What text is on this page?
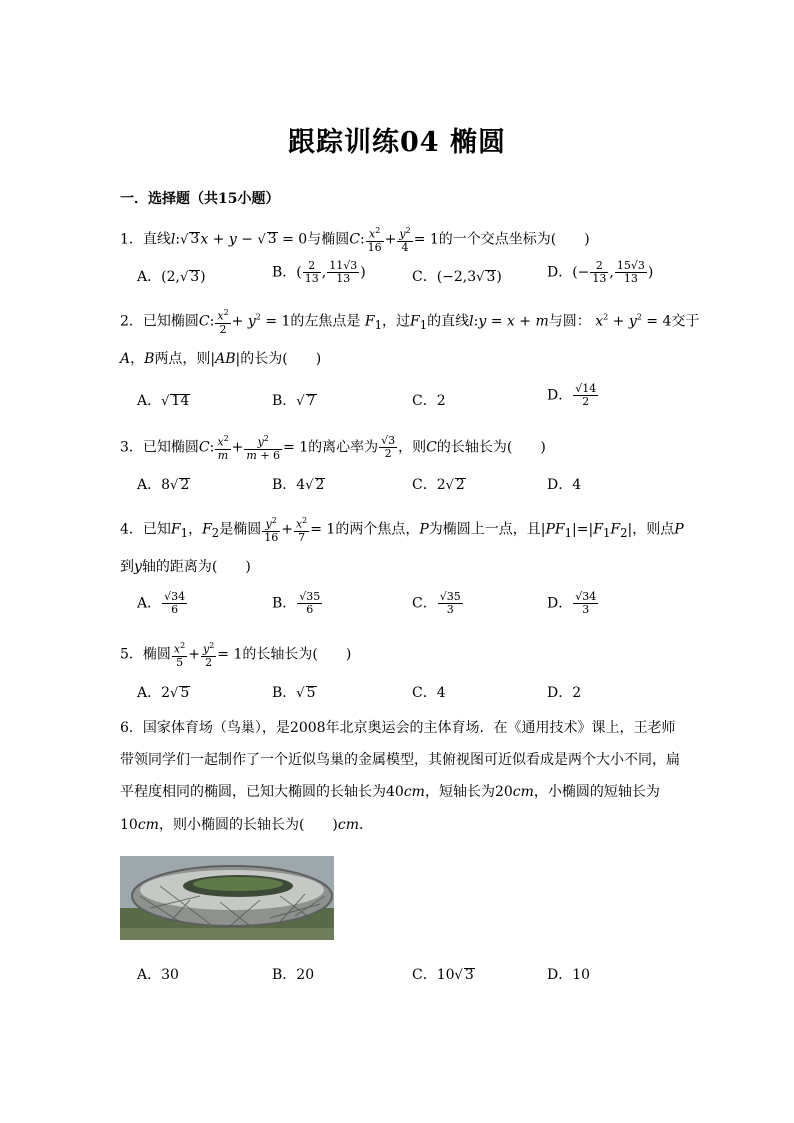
跟踪训练04 椭圆
一．选择题（共15小题）
1．直线l:√ 3x + y − √ 3 = 0与椭圆C: $\frac{x^2}{16} + \frac{y^2}{4} = 1$的一个交点坐标为(　　)
A．(2,√ 3)	B．( $\frac{2}{13}$ , $\frac{11√3}{13}$ )	C．(−2,3√ 3)	D．(− $\frac{2}{13}$ , $\frac{15√3}{13}$ )
2．已知椭圆C: $\frac{x^2}{2} + y^2 = 1$的左焦点是 $F_1$，过$F_1$的直线l:y = x + m与圆： $x^2 + y^2 = 4$交于
A，B两点，则|AB|的长为(　　)
A．√ 14	B．√ 7	C．2	D． $\frac{√14}{2}$
3．已知椭圆C: $\frac{x^2}{m} + \frac{y^2}{m + 6} = 1$的离心率为 $\frac{√3}{2}$ ，则C的长轴长为(　　)
A．8√ 2	B．4√ 2	C．2√ 2	D．4
4．已知$F_1$，$F_2$是椭圆 $\frac{y^2}{16} + \frac{x^2}{7} = 1$的两个焦点，P为椭圆上一点，且$|PF_1|=|F_1F_2|$，则点P
到y轴的距离为(　　)
A． $\frac{√34}{6}$	B． $\frac{√35}{6}$	C． $\frac{√35}{3}$	D． $\frac{√34}{3}$
5．椭圆 $\frac{x^2}{5} + \frac{y^2}{2} = 1$的长轴长为(　　)
A．2√ 5	B．√ 5	C．4	D．2
6．国家体育场（鸟巢），是2008年北京奥运会的主体育场．在《通用技术》课上，王老师
带领同学们一起制作了一个近似鸟巢的金属模型，其俯视图可近似看成是两个大小不同，扁
平程度相同的椭圆，已知大椭圆的长轴长为40cm，短轴长为20cm，小椭圆的短轴长为
10cm，则小椭圆的长轴长为(　　)cm．
A．30	B．20	C．10√ 3	D．10
